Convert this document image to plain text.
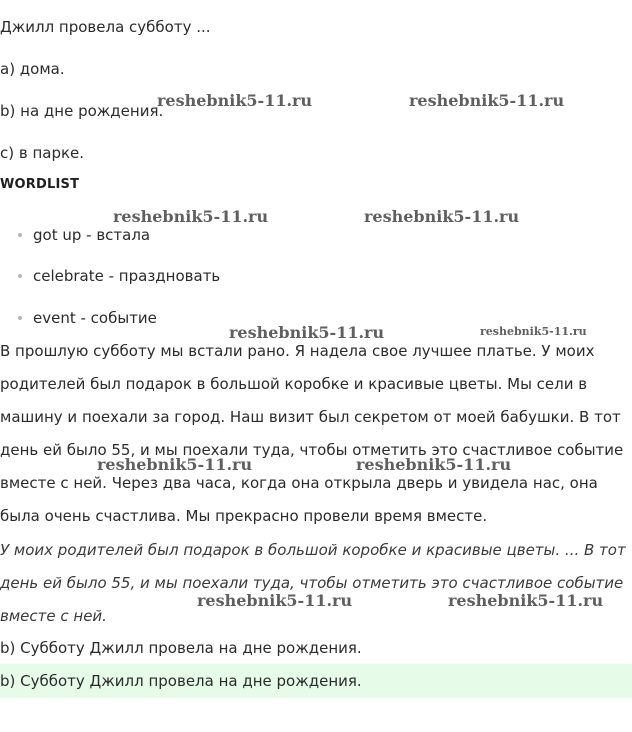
Джилл провела субботу ...
a) дома.
b) на дне рождения.
c) в парке.
WORDLIST
got up - встала
celebrate - праздновать
event - событие
В прошлую субботу мы встали рано. Я надела свое лучшее платье. У моих
родителей был подарок в большой коробке и красивые цветы. Мы сели в
машину и поехали за город. Наш визит был секретом от моей бабушки. В тот
день ей было 55, и мы поехали туда, чтобы отметить это счастливое событие
вместе с ней. Через два часа, когда она открыла дверь и увидела нас, она
была очень счастлива. Мы прекрасно провели время вместе.
У моих родителей был подарок в большой коробке и красивые цветы. ... В тот
день ей было 55, и мы поехали туда, чтобы отметить это счастливое событие
вместе с ней.
b) Субботу Джилл провела на дне рождения.
b) Субботу Джилл провела на дне рождения.
reshebnik5-11.ru	reshebnik5-11.ru
reshebnik5-11.ru	reshebnik5-11.ru
reshebnik5-11.ru	reshebnik5-11.ru
reshebnik5-11.ru	reshebnik5-11.ru
reshebnik5-11.ru	reshebnik5-11.ru
